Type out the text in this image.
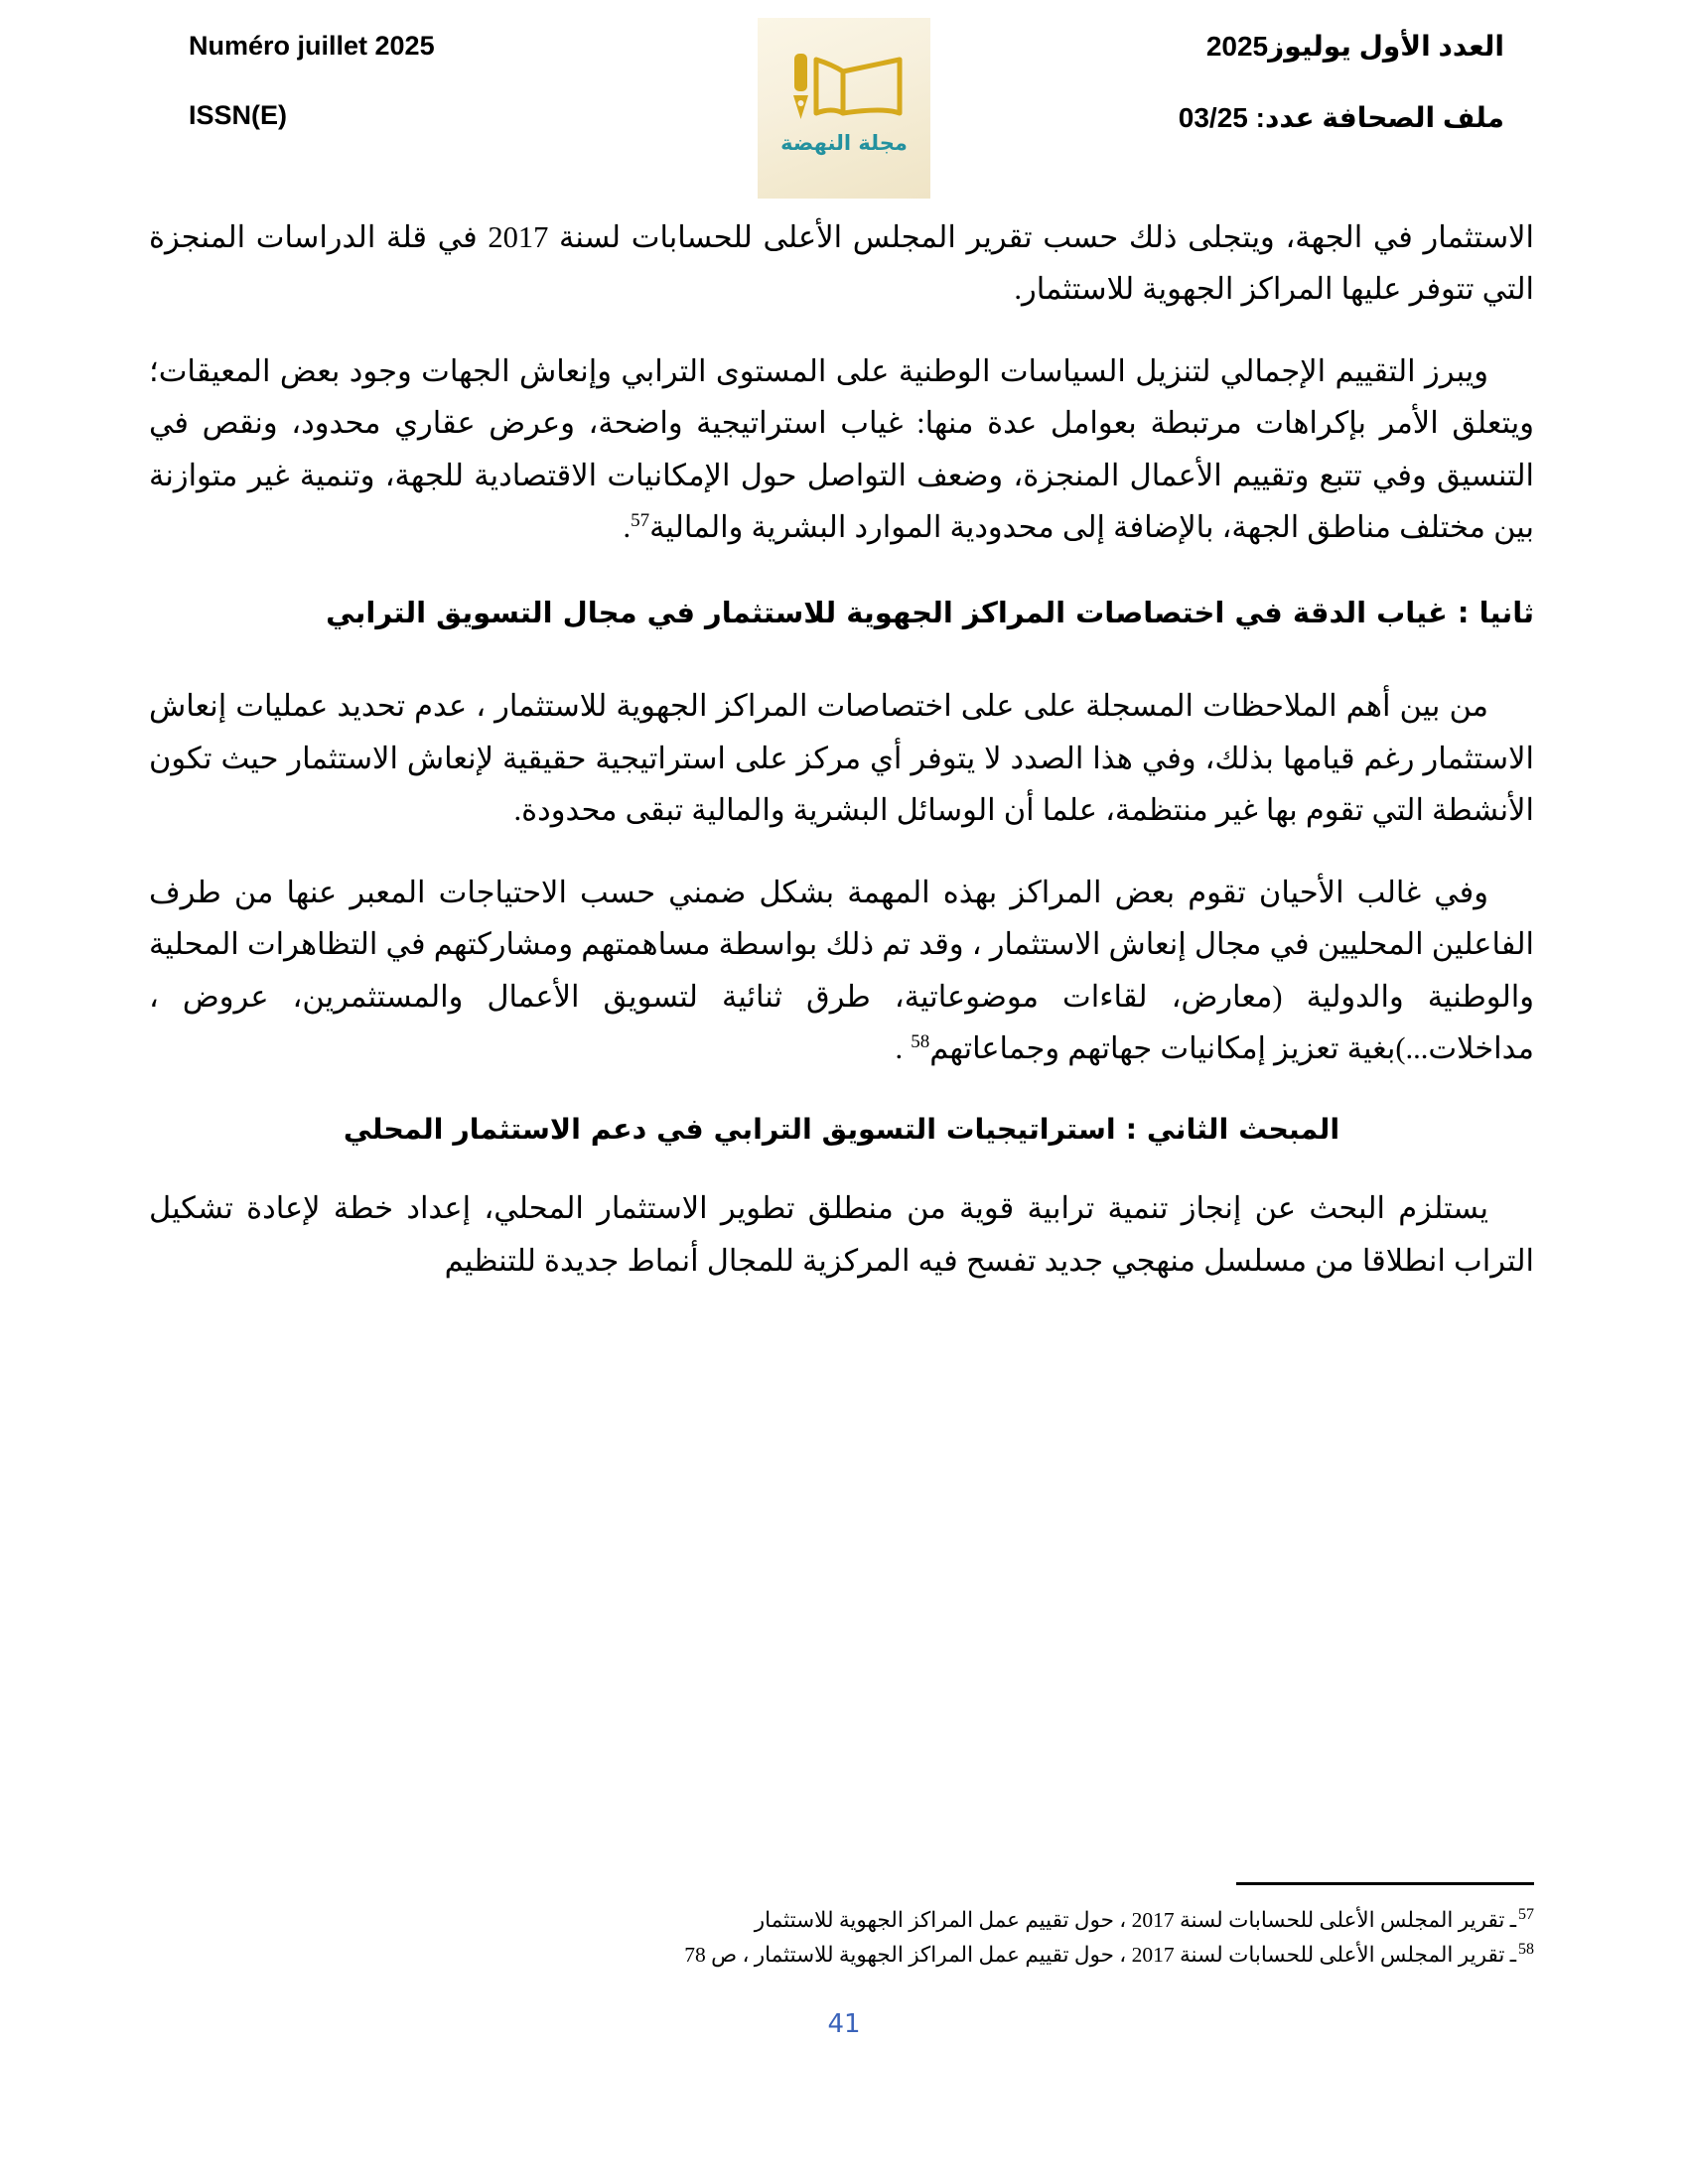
العدد الأول يوليوز2025
ملف الصحافة عدد: 03/25
Numéro juillet 2025
ISSN(E)
مجلة النهضة

الاستثمار في الجهة، ويتجلى ذلك حسب تقرير المجلس الأعلى للحسابات لسنة 2017 في قلة الدراسات المنجزة التي تتوفر عليها المراكز الجهوية للاستثمار.

ويبرز التقييم الإجمالي لتنزيل السياسات الوطنية على المستوى الترابي وإنعاش الجهات وجود بعض المعيقات؛ ويتعلق الأمر بإكراهات مرتبطة بعوامل عدة منها: غياب استراتيجية واضحة، وعرض عقاري محدود، ونقص في التنسيق وفي تتبع وتقييم الأعمال المنجزة، وضعف التواصل حول الإمكانيات الاقتصادية للجهة، وتنمية غير متوازنة بين مختلف مناطق الجهة، بالإضافة إلى محدودية الموارد البشرية والمالية$^{57}$.

ثانيا : غياب الدقة في اختصاصات المراكز الجهوية للاستثمار في مجال التسويق الترابي

من بين أهم الملاحظات المسجلة على على اختصاصات المراكز الجهوية للاستثمار ، عدم تحديد عمليات إنعاش الاستثمار رغم قيامها بذلك، وفي هذا الصدد لا يتوفر أي مركز على استراتيجية حقيقية لإنعاش الاستثمار حيث تكون الأنشطة التي تقوم بها غير منتظمة، علما أن الوسائل البشرية والمالية تبقى محدودة.

وفي غالب الأحيان تقوم بعض المراكز بهذه المهمة بشكل ضمني حسب الاحتياجات المعبر عنها من طرف الفاعلين المحليين في مجال إنعاش الاستثمار ، وقد تم ذلك بواسطة مساهمتهم ومشاركتهم في التظاهرات المحلية والوطنية والدولية (معارض، لقاءات موضوعاتية، طرق ثنائية لتسويق الأعمال والمستثمرين، عروض ، مداخلات...)بغية تعزيز إمكانيات جهاتهم وجماعاتهم$^{58}$ .

المبحث الثاني : استراتيجيات التسويق الترابي في دعم الاستثمار المحلي

يستلزم البحث عن إنجاز تنمية ترابية قوية من منطلق تطوير الاستثمار المحلي، إعداد خطة لإعادة تشكيل التراب انطلاقا من مسلسل منهجي جديد تفسح فيه المركزية للمجال أنماط جديدة للتنظيم

$^{57}$ـ تقرير المجلس الأعلى للحسابات لسنة 2017 ، حول تقييم عمل المراكز الجهوية للاستثمار
$^{58}$ـ تقرير المجلس الأعلى للحسابات لسنة 2017 ، حول تقييم عمل المراكز الجهوية للاستثمار ، ص 78
41
